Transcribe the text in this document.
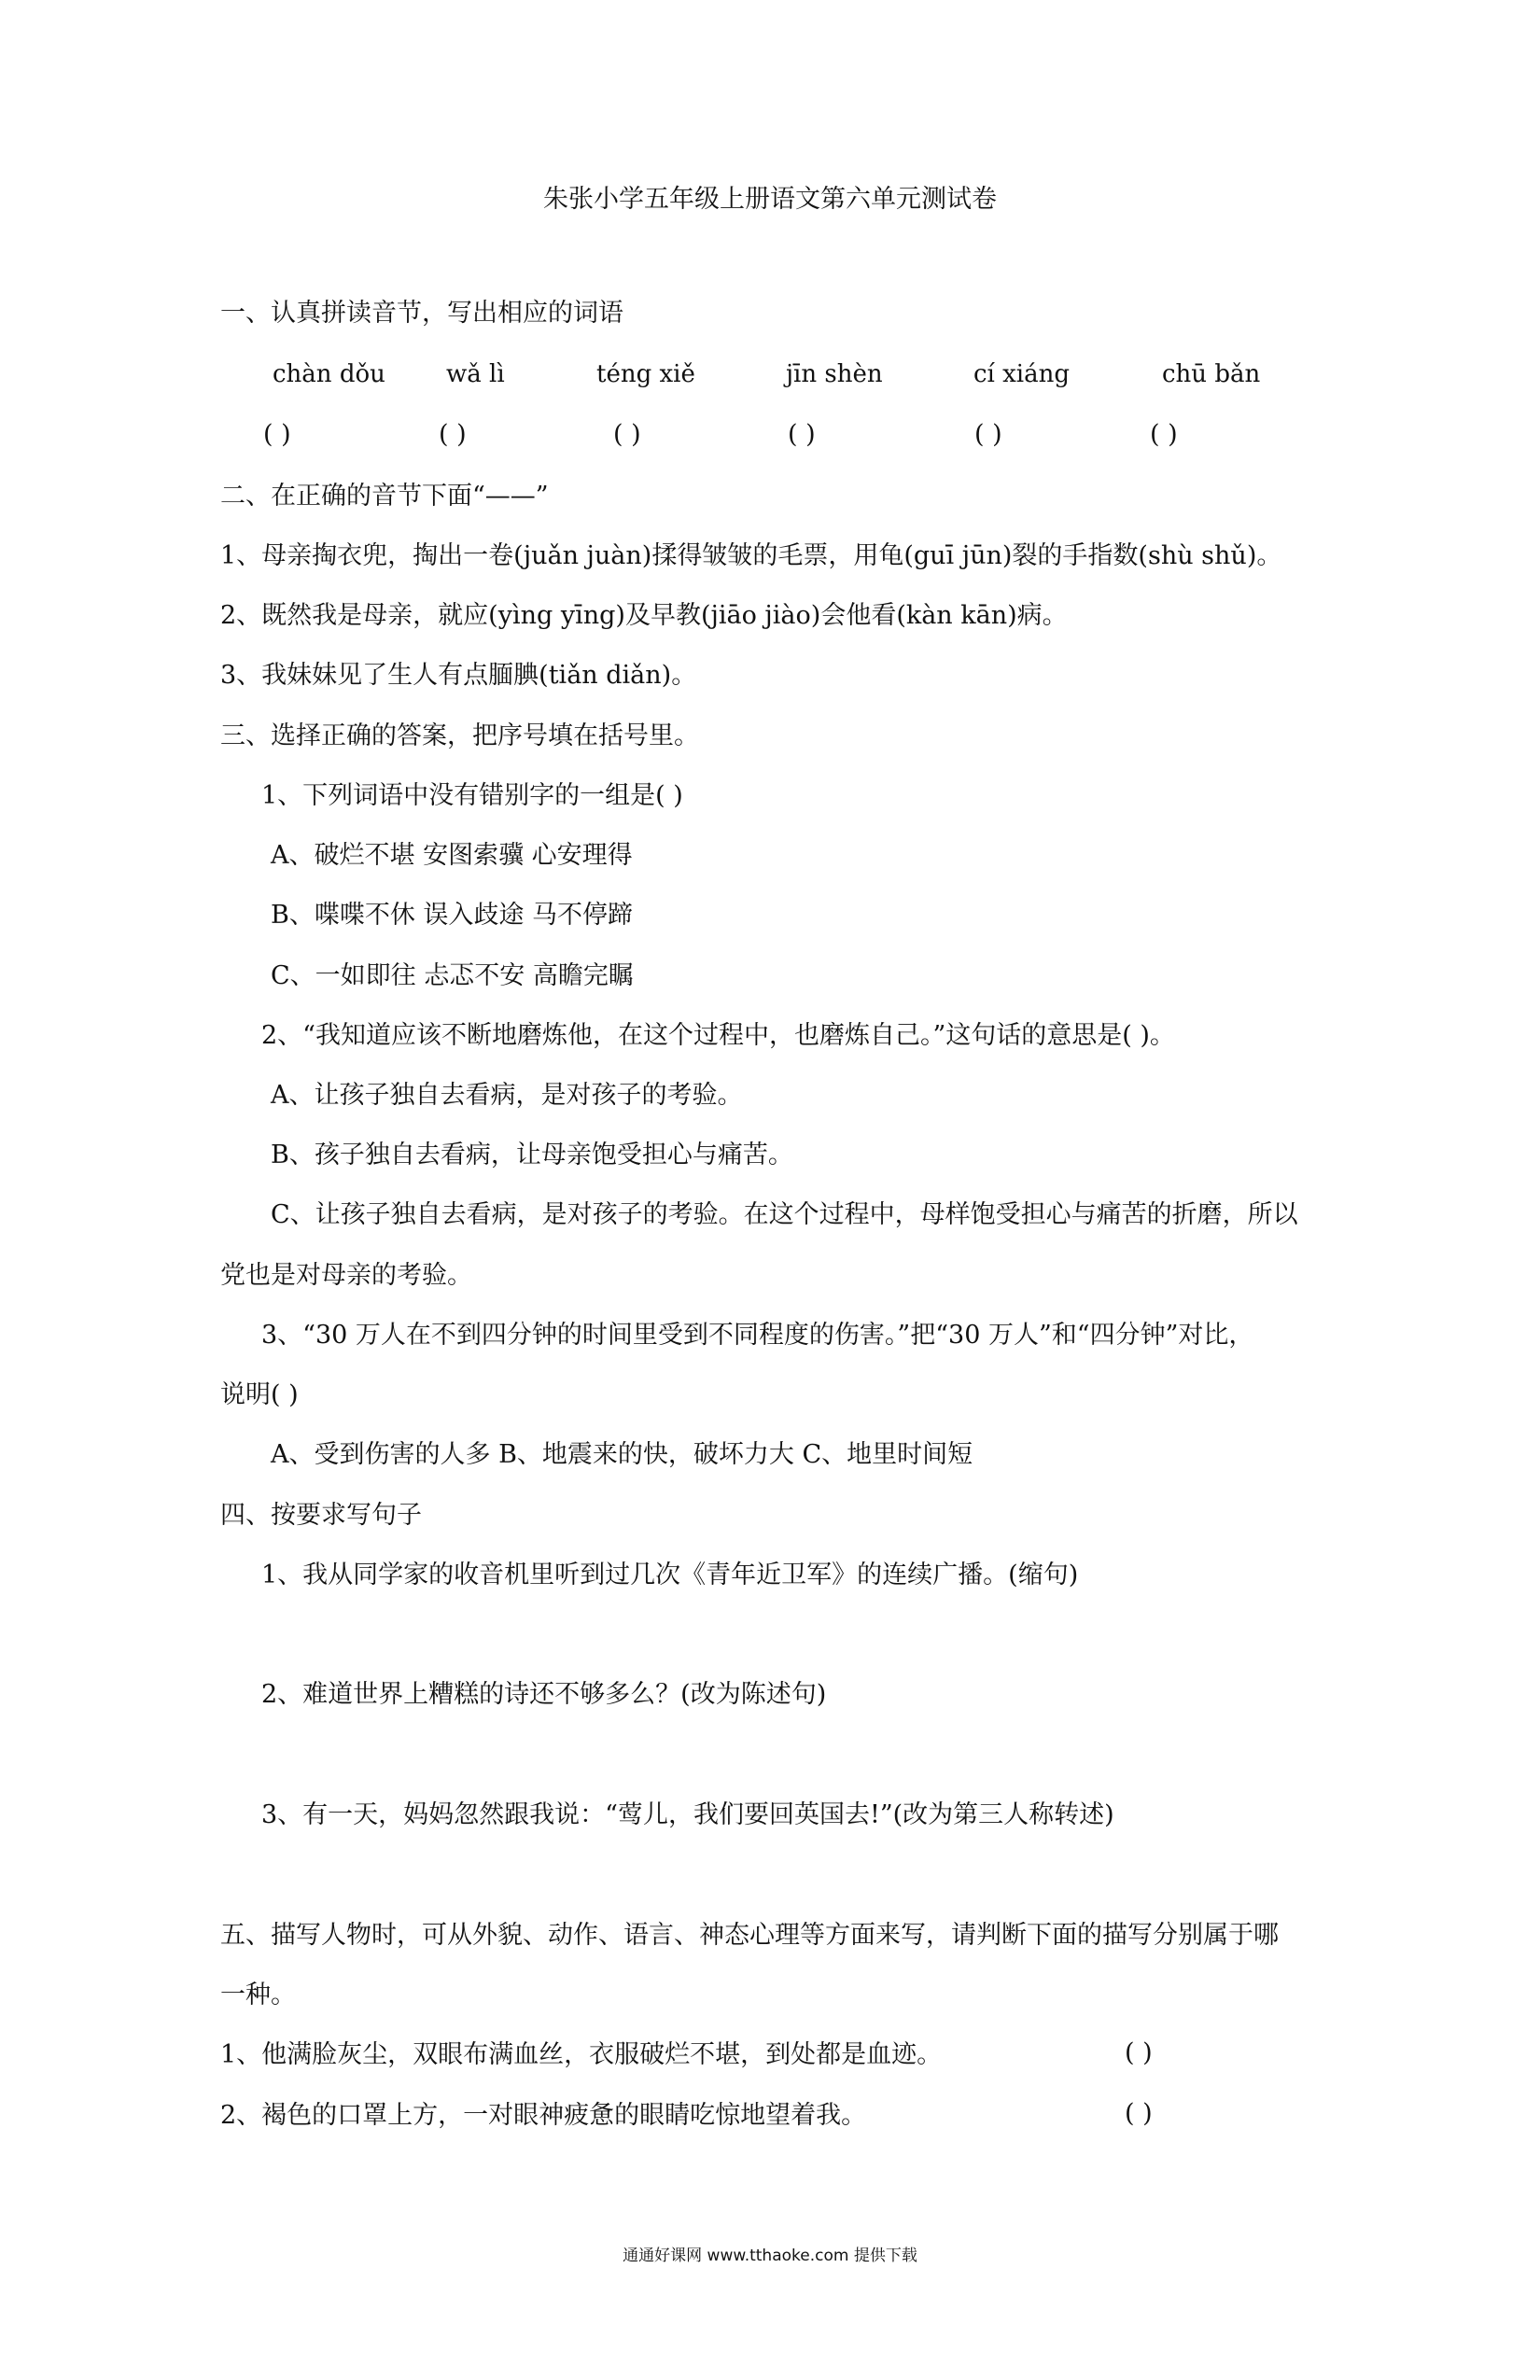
朱张小学五年级上册语文第六单元测试卷
一、认真拼读音节，写出相应的词语
chàn dǒu	wǎ lì	téng xiě	jīn shèn	cí xiáng	chū bǎn
( )	( )	( )	( )	( )	( )
二、在正确的音节下面“——”
1、母亲掏衣兜，掏出一卷(juǎn juàn)揉得皱皱的毛票，用龟(guī jūn)裂的手指数(shù shǔ)。
2、既然我是母亲，就应(yìng yīng)及早教(jiāo jiào)会他看(kàn kān)病。
3、我妹妹见了生人有点腼腆(tiǎn diǎn)。
三、选择正确的答案，把序号填在括号里。
1、下列词语中没有错别字的一组是( )
A、破烂不堪 安图索骥 心安理得
B、喋喋不休 误入歧途 马不停蹄
C、一如即往 忐忑不安 高瞻完瞩
2、“我知道应该不断地磨炼他，在这个过程中，也磨炼自己。”这句话的意思是( )。
A、让孩子独自去看病，是对孩子的考验。
B、孩子独自去看病，让母亲饱受担心与痛苦。
C、让孩子独自去看病，是对孩子的考验。在这个过程中，母样饱受担心与痛苦的折磨，所以
党也是对母亲的考验。
3、“30 万人在不到四分钟的时间里受到不同程度的伤害。”把“30 万人”和“四分钟”对比，
说明( )
A、受到伤害的人多 B、地震来的快，破坏力大 C、地里时间短
四、按要求写句子
1、我从同学家的收音机里听到过几次《青年近卫军》的连续广播。(缩句)
2、难道世界上糟糕的诗还不够多么？(改为陈述句)
3、有一天，妈妈忽然跟我说：“莺儿，我们要回英国去!”(改为第三人称转述)
五、描写人物时，可从外貌、动作、语言、神态心理等方面来写，请判断下面的描写分别属于哪
一种。
1、他满脸灰尘，双眼布满血丝，衣服破烂不堪，到处都是血迹。	( )
2、褐色的口罩上方，一对眼神疲惫的眼睛吃惊地望着我。	( )
通通好课网 www.tthaoke.com 提供下载
